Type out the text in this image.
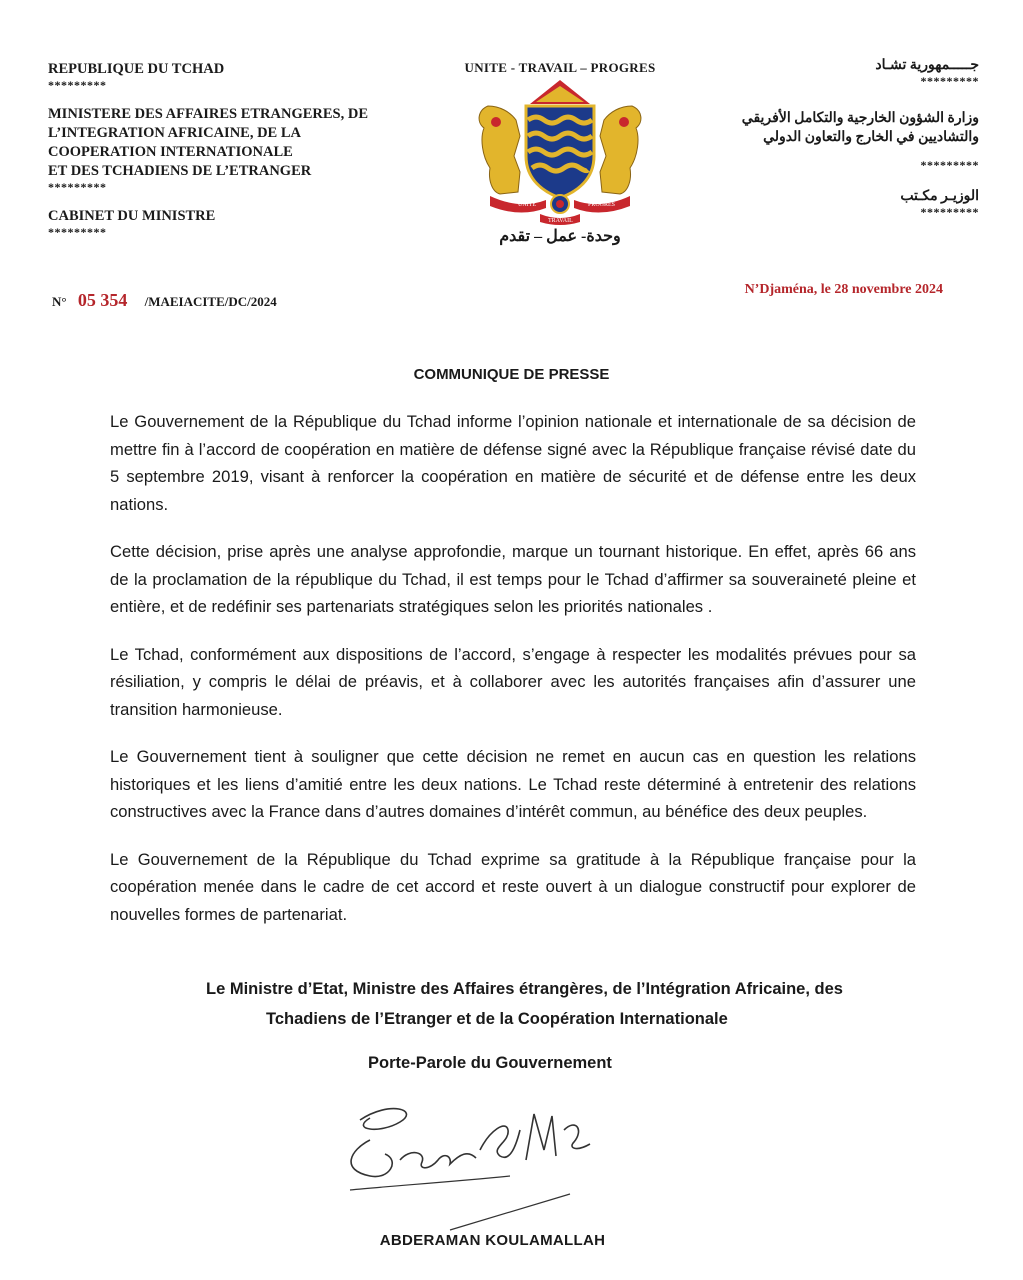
REPUBLIQUE DU TCHAD
*********
MINISTERE DES AFFAIRES ETRANGERES, DE
L’INTEGRATION AFRICAINE, DE LA
COOPERATION INTERNATIONALE
ET DES TCHADIENS DE L’ETRANGER
*********
CABINET DU MINISTRE
*********
UNITE - TRAVAIL – PROGRES
UNITE	PROGRES
TRAVAIL
وحدة- عمل – تقدم
جـــــمهورية تشـاد
*********
وزارة الشؤون الخارجية والتكامل الأفريقي
والتشاديين في الخارج والتعاون الدولي
*********
الوزيـر مكـتب
*********
N° 05 354 /MAEIACITE/DC/2024
N’Djaména, le 28 novembre 2024
COMMUNIQUE DE PRESSE

Le Gouvernement de la République du Tchad informe l’opinion nationale et internationale de sa décision de mettre fin à l’accord de coopération en matière de défense signé avec la République française révisé date du 5 septembre 2019, visant à renforcer la coopération en matière de sécurité et de défense entre les deux nations.

Cette décision, prise après une analyse approfondie, marque un tournant historique. En effet, après 66 ans de la proclamation de la république du Tchad, il est temps pour le Tchad d’affirmer sa souveraineté pleine et entière, et de redéfinir ses partenariats stratégiques selon les priorités nationales .

Le Tchad, conformément aux dispositions de l’accord, s’engage à respecter les modalités prévues pour sa résiliation, y compris le délai de préavis, et à collaborer avec les autorités françaises afin d’assurer une transition harmonieuse.

Le Gouvernement tient à souligner que cette décision ne remet en aucun cas en question les relations historiques et les liens d’amitié entre les deux nations. Le Tchad reste déterminé à entretenir des relations constructives avec la France dans d’autres domaines d’intérêt commun, au bénéfice des deux peuples.

Le Gouvernement de la République du Tchad exprime sa gratitude à la République française pour la coopération menée dans le cadre de cet accord et reste ouvert à un dialogue constructif pour explorer de nouvelles formes de partenariat.

Le Ministre d’Etat, Ministre des Affaires étrangères, de l’Intégration Africaine, des
Tchadiens de l’Etranger et de la Coopération Internationale
Porte-Parole du Gouvernement
ABDERAMAN KOULAMALLAH
